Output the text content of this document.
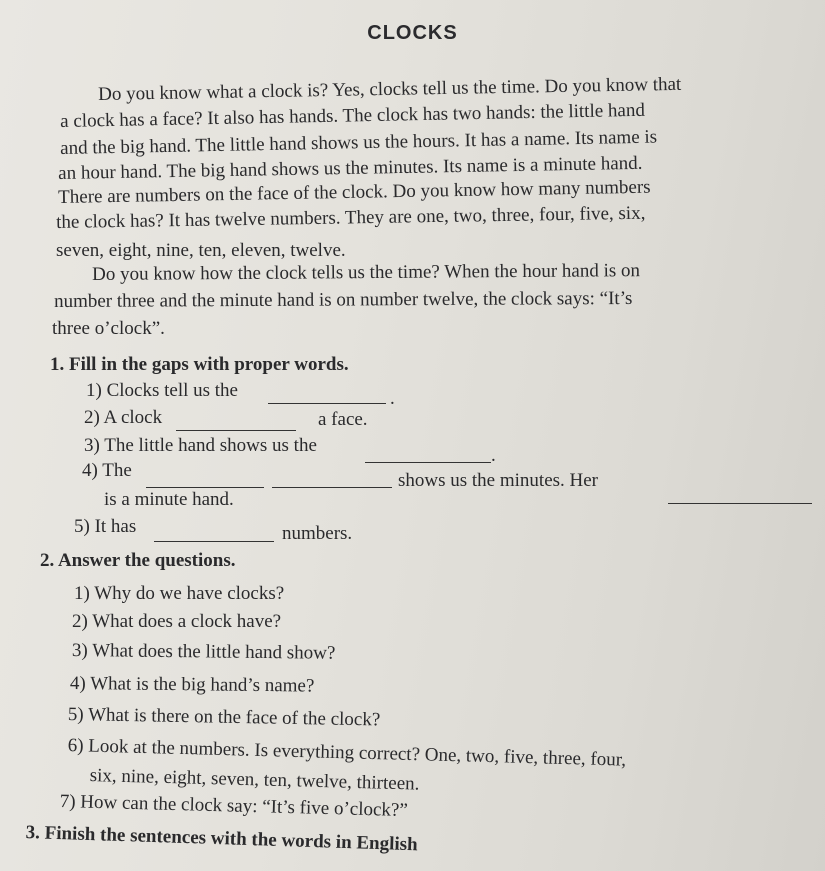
CLOCKS
Do you know what a clock is? Yes, clocks tell us the time. Do you know that
a clock has a face? It also has hands. The clock has two hands: the little hand
and the big hand. The little hand shows us the hours. It has a name. Its name is
an hour hand. The big hand shows us the minutes. Its name is a minute hand.
There are numbers on the face of the clock. Do you know how many numbers
the clock has? It has twelve numbers. They are one, two, three, four, five, six,
seven, eight, nine, ten, eleven, twelve.
Do you know how the clock tells us the time? When the hour hand is on
number three and the minute hand is on number twelve, the clock says: “It’s
three o’clock”.
1. Fill in the gaps with proper words.
1) Clocks tell us the	.
2) A clock	a face.
3) The little hand shows us the	.
4) The	shows us the minutes. Her
is a minute hand.
5) It has	numbers.
2. Answer the questions.
1) Why do we have clocks?
2) What does a clock have?
3) What does the little hand show?
4) What is the big hand’s name?
5) What is there on the face of the clock?
6) Look at the numbers. Is everything correct? One, two, five, three, four,
six, nine, eight, seven, ten, twelve, thirteen.
7) How can the clock say: “It’s five o’clock?”
3. Finish the sentences with the words in English
